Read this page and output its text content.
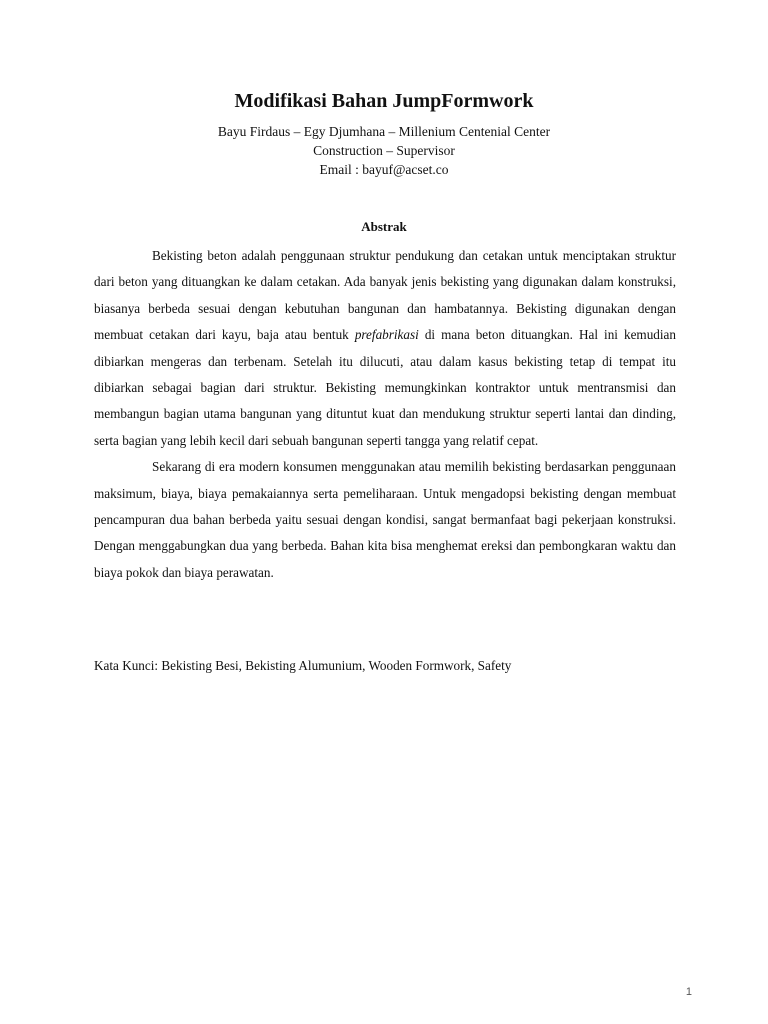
Modifikasi Bahan JumpFormwork
Bayu Firdaus – Egy Djumhana – Millenium Centenial Center
Construction – Supervisor
Email : bayuf@acset.co
Abstrak

Bekisting beton adalah penggunaan struktur pendukung dan cetakan untuk menciptakan struktur dari beton yang dituangkan ke dalam cetakan. Ada banyak jenis bekisting yang digunakan dalam konstruksi, biasanya berbeda sesuai dengan kebutuhan bangunan dan hambatannya. Bekisting digunakan dengan membuat cetakan dari kayu, baja atau bentuk prefabrikasi di mana beton dituangkan. Hal ini kemudian dibiarkan mengeras dan terbenam. Setelah itu dilucuti, atau dalam kasus bekisting tetap di tempat itu dibiarkan sebagai bagian dari struktur. Bekisting memungkinkan kontraktor untuk mentransmisi dan membangun bagian utama bangunan yang dituntut kuat dan mendukung struktur seperti lantai dan dinding, serta bagian yang lebih kecil dari sebuah bangunan seperti tangga yang relatif cepat.

Sekarang di era modern konsumen menggunakan atau memilih bekisting berdasarkan penggunaan maksimum, biaya, biaya pemakaiannya serta pemeliharaan. Untuk mengadopsi bekisting dengan membuat pencampuran dua bahan berbeda yaitu sesuai dengan kondisi, sangat bermanfaat bagi pekerjaan konstruksi. Dengan menggabungkan dua yang berbeda. Bahan kita bisa menghemat ereksi dan pembongkaran waktu dan biaya pokok dan biaya perawatan.

Kata Kunci: Bekisting Besi, Bekisting Alumunium, Wooden Formwork, Safety
1
